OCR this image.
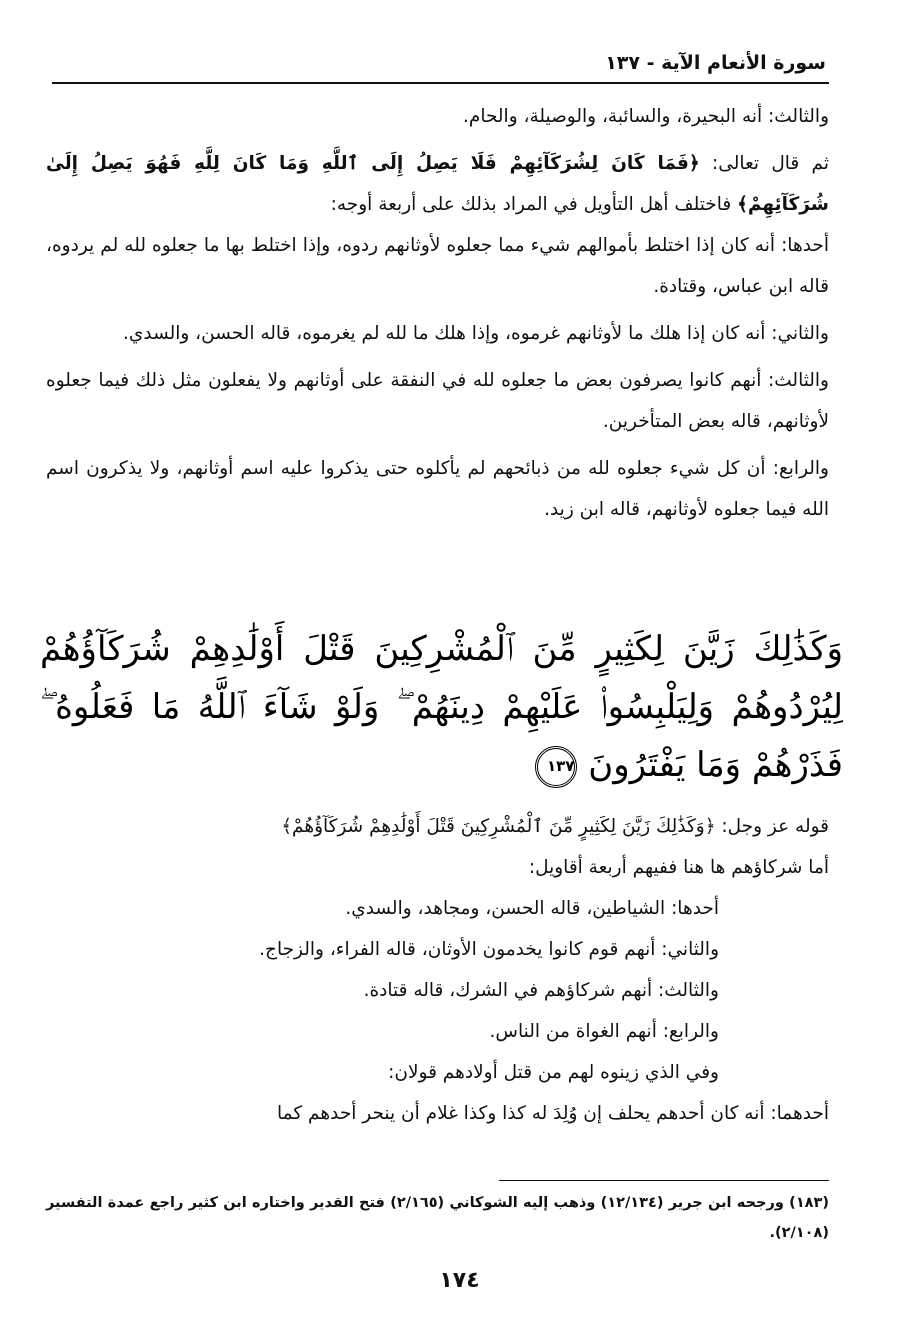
سورة الأنعام الآية - ١٣٧

والثالث: أنه البحيرة، والسائبة، والوصيلة، والحام.

ثم قال تعالى: ﴿فَمَا كَانَ لِشُرَكَآئِهِمْ فَلَا يَصِلُ إِلَى ٱللَّهِ وَمَا كَانَ لِلَّهِ فَهُوَ يَصِلُ إِلَىٰ شُرَكَآئِهِمْ﴾ فاختلف أهل التأويل في المراد بذلك على أربعة أوجه:

أحدها: أنه كان إذا اختلط بأموالهم شيء مما جعلوه لأوثانهم ردوه، وإذا اختلط بها ما جعلوه لله لم يردوه، قاله ابن عباس، وقتادة.

والثاني: أنه كان إذا هلك ما لأوثانهم غرموه، وإذا هلك ما لله لم يغرموه، قاله الحسن، والسدي.

والثالث: أنهم كانوا يصرفون بعض ما جعلوه لله في النفقة على أوثانهم ولا يفعلون مثل ذلك فيما جعلوه لأوثانهم، قاله بعض المتأخرين.

والرابع: أن كل شيء جعلوه لله من ذبائحهم لم يأكلوه حتى يذكروا عليه اسم أوثانهم، ولا يذكرون اسم الله فيما جعلوه لأوثانهم، قاله ابن زيد.

وَكَذَٰلِكَ زَيَّنَ لِكَثِيرٍ مِّنَ ٱلْمُشْرِكِينَ قَتْلَ أَوْلَٰدِهِمْ شُرَكَآؤُهُمْ لِيُرْدُوهُمْ وَلِيَلْبِسُوا۟ عَلَيْهِمْ دِينَهُمْ ۖ وَلَوْ شَآءَ ٱللَّهُ مَا فَعَلُوهُ ۖ فَذَرْهُمْ وَمَا يَفْتَرُونَ ١٣٧

قوله عز وجل: ﴿وَكَذَٰلِكَ زَيَّنَ لِكَثِيرٍ مِّنَ ٱلْمُشْرِكِينَ قَتْلَ أَوْلَٰدِهِمْ شُرَكَآؤُهُمْ﴾

أما شركاؤهم ها هنا ففيهم أربعة أقاويل:

أحدها: الشياطين، قاله الحسن، ومجاهد، والسدي.

والثاني: أنهم قوم كانوا يخدمون الأوثان، قاله الفراء، والزجاج.

والثالث: أنهم شركاؤهم في الشرك، قاله قتادة.

والرابع: أنهم الغواة من الناس.

وفي الذي زينوه لهم من قتل أولادهم قولان:

أحدهما: أنه كان أحدهم يحلف إن وُلِدَ له كذا وكذا غلام أن ينحر أحدهم كما

(١٨٣) ورجحه ابن جرير (١٢/١٣٤) وذهب إليه الشوكاني (٢/١٦٥) فتح القدير واختاره ابن كثير راجع عمدة التفسير (٢/١٠٨).
١٧٤
